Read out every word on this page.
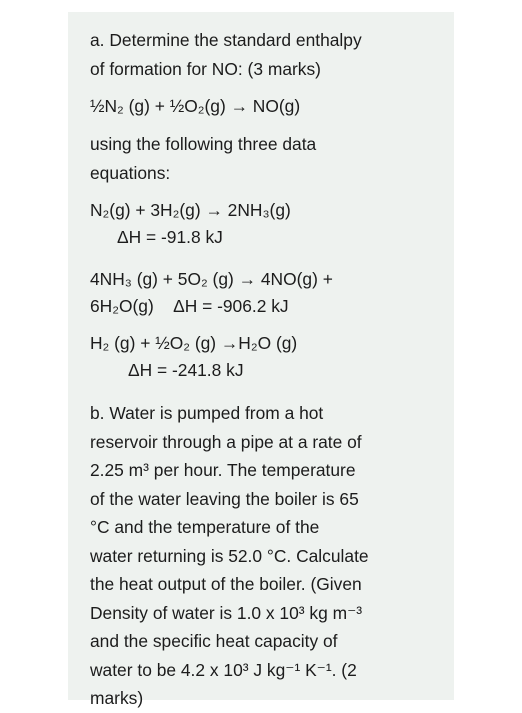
a. Determine the standard enthalpy

of formation for NO: (3 marks)

½N₂ (g) + ½O₂(g) → NO(g)

using the following three data

equations:

N₂(g) + 3H₂(g) → 2NH₃(g)

ΔH = -91.8 kJ

4NH₃ (g) + 5O₂ (g) → 4NO(g) +

6H₂O(g) ΔH = -906.2 kJ

H₂ (g) + ½O₂ (g) →H₂O (g)

ΔH = -241.8 kJ

b. Water is pumped from a hot

reservoir through a pipe at a rate of

2.25 m³ per hour. The temperature

of the water leaving the boiler is 65

°C and the temperature of the

water returning is 52.0 °C. Calculate

the heat output of the boiler. (Given

Density of water is 1.0 x 10³ kg m⁻³

and the specific heat capacity of

water to be 4.2 x 10³ J kg⁻¹ K⁻¹. (2

marks)
